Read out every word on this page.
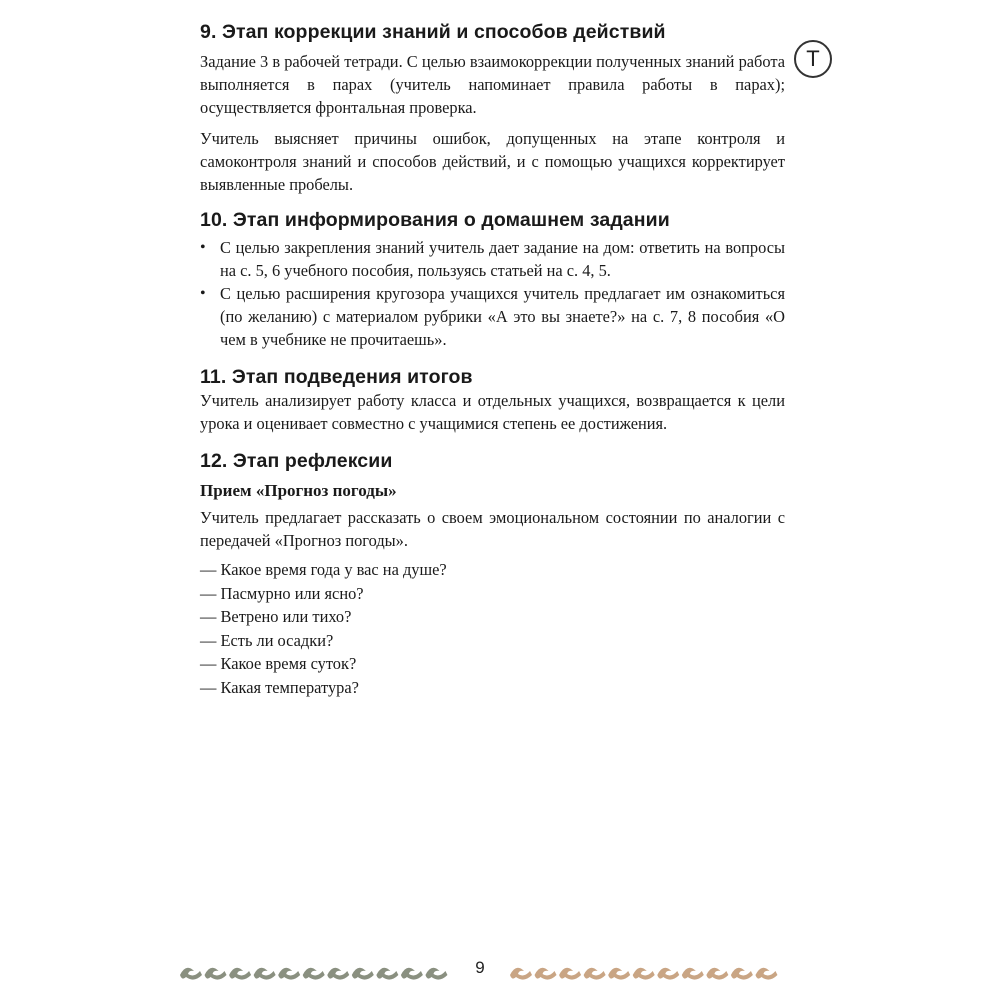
Т
9. Этап коррекции знаний и способов действий

Задание 3 в рабочей тетради. С целью взаимокоррекции полученных знаний работа выполняется в парах (учитель напоминает правила работы в парах); осуществляется фронтальная проверка.

Учитель выясняет причины ошибок, допущенных на этапе контроля и самоконтроля знаний и способов действий, и с помощью учащихся корректирует выявленные пробелы.

10. Этап информирования о домашнем задании
• С целью закрепления знаний учитель дает задание на дом: ответить на вопросы на с. 5, 6 учебного пособия, пользуясь статьей на с. 4, 5.
• С целью расширения кругозора учащихся учитель предлагает им ознакомиться (по желанию) с материалом рубрики «А это вы знаете?» на с. 7, 8 пособия «О чем в учебнике не прочитаешь».
11. Этап подведения итогов

Учитель анализирует работу класса и отдельных учащихся, возвращается к цели урока и оценивает совместно с учащимися степень ее достижения.

12. Этап рефлексии
Прием «Прогноз погоды»

Учитель предлагает рассказать о своем эмоциональном состоянии по аналогии с передачей «Прогноз погоды».

— Какое время года у вас на душе?
— Пасмурно или ясно?
— Ветрено или тихо?
— Есть ли осадки?
— Какое время суток?
— Какая температура?
9
